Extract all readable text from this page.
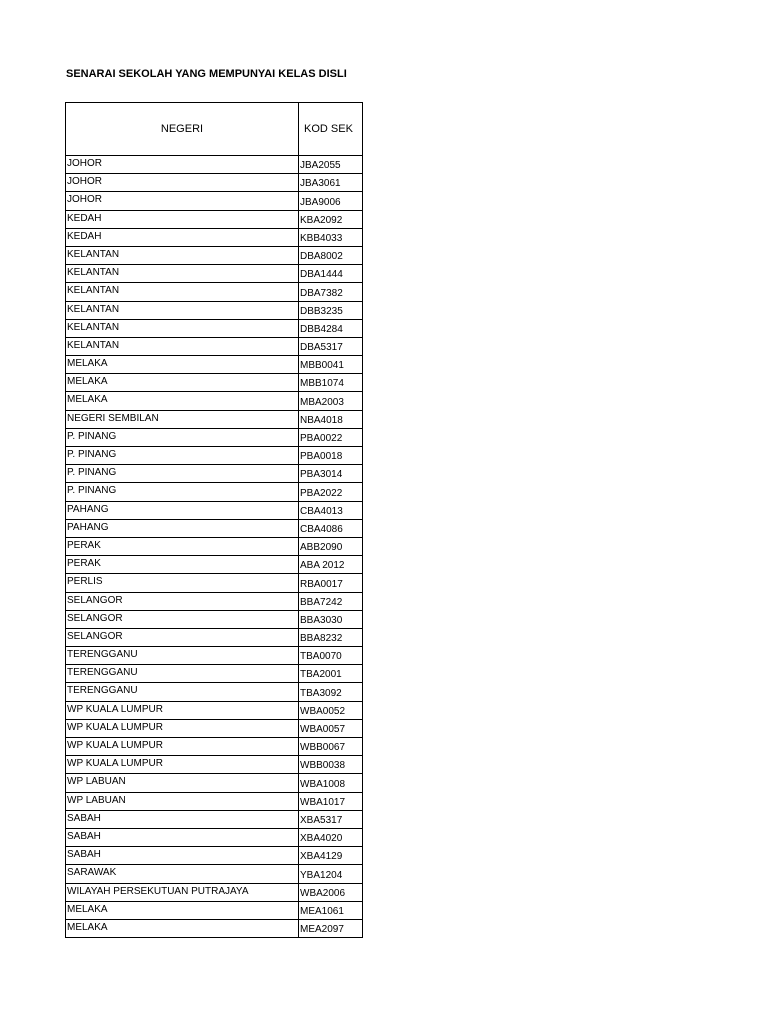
SENARAI SEKOLAH YANG MEMPUNYAI KELAS DISLI
NEGERI	KOD SEK
JOHOR	JBA2055
JOHOR	JBA3061
JOHOR	JBA9006
KEDAH	KBA2092
KEDAH	KBB4033
KELANTAN	DBA8002
KELANTAN	DBA1444
KELANTAN	DBA7382
KELANTAN	DBB3235
KELANTAN	DBB4284
KELANTAN	DBA5317
MELAKA	MBB0041
MELAKA	MBB1074
MELAKA	MBA2003
NEGERI SEMBILAN	NBA4018
P. PINANG	PBA0022
P. PINANG	PBA0018
P. PINANG	PBA3014
P. PINANG	PBA2022
PAHANG	CBA4013
PAHANG	CBA4086
PERAK	ABB2090
PERAK	ABA 2012
PERLIS	RBA0017
SELANGOR	BBA7242
SELANGOR	BBA3030
SELANGOR	BBA8232
TERENGGANU	TBA0070
TERENGGANU	TBA2001
TERENGGANU	TBA3092
WP KUALA LUMPUR	WBA0052
WP KUALA LUMPUR	WBA0057
WP KUALA LUMPUR	WBB0067
WP KUALA LUMPUR	WBB0038
WP LABUAN	WBA1008
WP LABUAN	WBA1017
SABAH	XBA5317
SABAH	XBA4020
SABAH	XBA4129
SARAWAK	YBA1204
WILAYAH PERSEKUTUAN PUTRAJAYA	WBA2006
MELAKA	MEA1061
MELAKA	MEA2097
